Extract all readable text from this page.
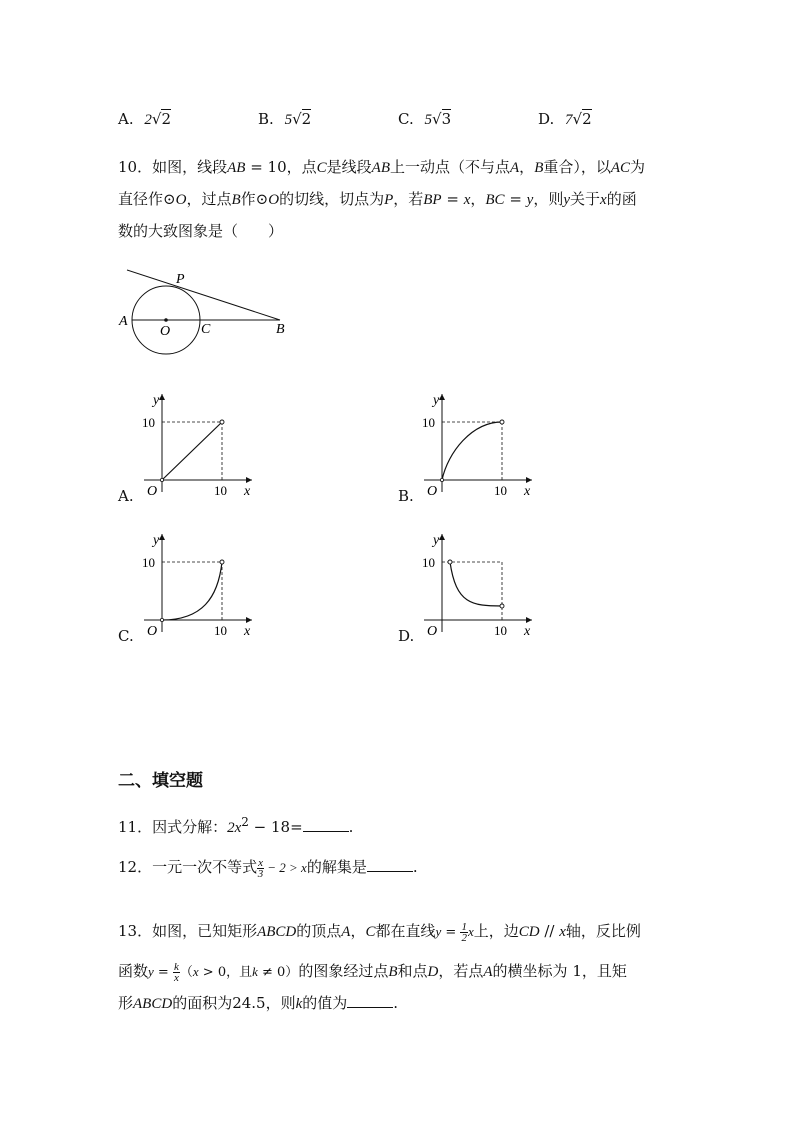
A. 2√2	B. 5√2	C. 5√3	D. 7√2
10．如图，线段AB = 10，点C是线段AB上一动点（不与点A，B重合），以AC为
直径作⊙O，过点B作⊙O的切线，切点为P，若BP = x，BC = y，则y关于x的函
数的大致图象是（　　）
P
A
O C	B
A.	B.
C.	D.
y
x
O
10
10
y
x
O
10
10
y
x
O
10
10
y
x
O
10
10
二、填空题
11．因式分解：$2x^2 - 18=$	.
12．一元一次不等式 $\frac{x}{3} - 2 > x$的解集是	.
13．如图，已知矩形ABCD的顶点A，C都在直线$y = \frac{1}{2}$ x上，边CD // x轴，反比例
函数$y = \frac{k}{x} (x > 0$，且k ≠ 0）的图象经过点B和点D，若点A的横坐标为 1，且矩
形ABCD的面积为24.5，则k的值为	.
